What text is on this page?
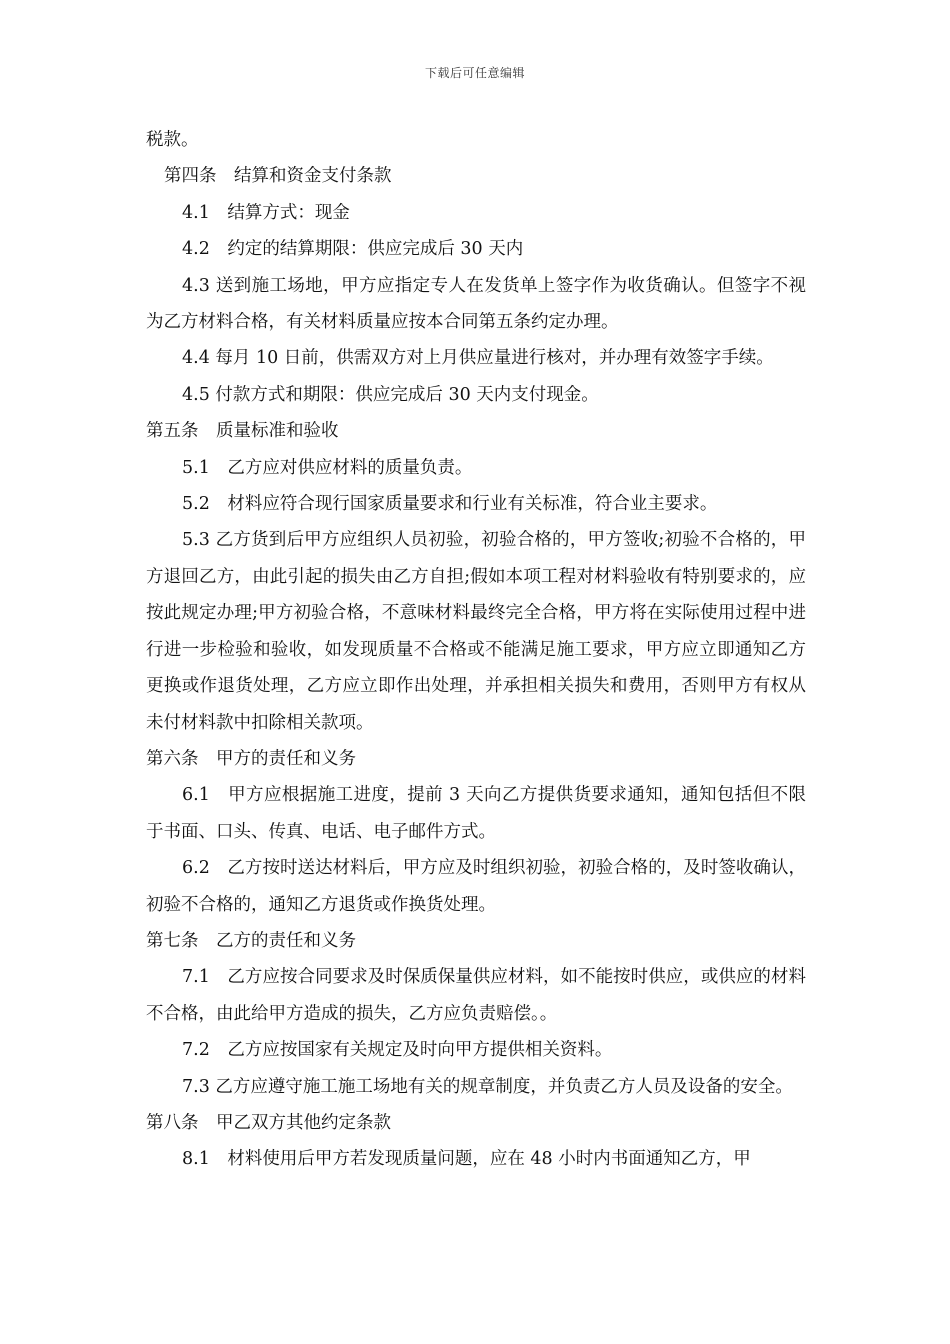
下载后可任意编辑

税款。

第四条　结算和资金支付条款

4.1　结算方式：现金

4.2　约定的结算期限：供应完成后 30 天内

4.3 送到施工场地，甲方应指定专人在发货单上签字作为收货确认。但签字不视为乙方材料合格，有关材料质量应按本合同第五条约定办理。

4.4 每月 10 日前，供需双方对上月供应量进行核对，并办理有效签字手续。

4.5 付款方式和期限：供应完成后 30 天内支付现金。

第五条　质量标准和验收

5.1　乙方应对供应材料的质量负责。

5.2　材料应符合现行国家质量要求和行业有关标准，符合业主要求。

5.3 乙方货到后甲方应组织人员初验，初验合格的，甲方签收;初验不合格的，甲方退回乙方，由此引起的损失由乙方自担;假如本项工程对材料验收有特别要求的，应按此规定办理;甲方初验合格，不意味材料最终完全合格，甲方将在实际使用过程中进行进一步检验和验收，如发现质量不合格或不能满足施工要求，甲方应立即通知乙方更换或作退货处理，乙方应立即作出处理，并承担相关损失和费用，否则甲方有权从未付材料款中扣除相关款项。

第六条　甲方的责任和义务

6.1　甲方应根据施工进度，提前 3 天向乙方提供货要求通知，通知包括但不限于书面、口头、传真、电话、电子邮件方式。

6.2　乙方按时送达材料后，甲方应及时组织初验，初验合格的，及时签收确认，初验不合格的，通知乙方退货或作换货处理。

第七条　乙方的责任和义务

7.1　乙方应按合同要求及时保质保量供应材料，如不能按时供应，或供应的材料不合格，由此给甲方造成的损失，乙方应负责赔偿。。

7.2　乙方应按国家有关规定及时向甲方提供相关资料。

7.3 乙方应遵守施工施工场地有关的规章制度，并负责乙方人员及设备的安全。

第八条　甲乙双方其他约定条款

8.1　材料使用后甲方若发现质量问题，应在 48 小时内书面通知乙方，甲
